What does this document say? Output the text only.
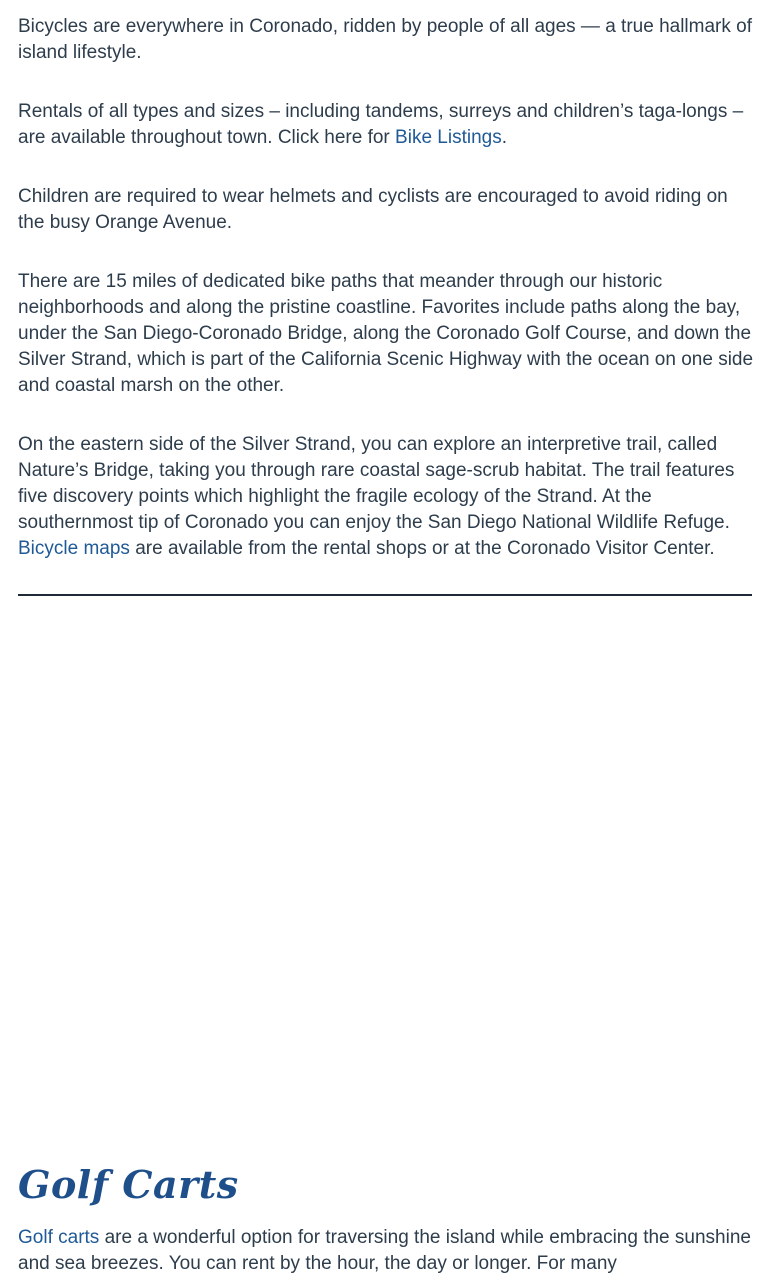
Bicycles are everywhere in Coronado, ridden by people of all ages — a true hallmark of island lifestyle.

Rentals of all types and sizes – including tandems, surreys and children’s taga-longs – are available throughout town. Click here for Bike Listings.

Children are required to wear helmets and cyclists are encouraged to avoid riding on the busy Orange Avenue.

There are 15 miles of dedicated bike paths that meander through our historic neighborhoods and along the pristine coastline. Favorites include paths along the bay, under the San Diego-Coronado Bridge, along the Coronado Golf Course, and down the Silver Strand, which is part of the California Scenic Highway with the ocean on one side and coastal marsh on the other.

On the eastern side of the Silver Strand, you can explore an interpretive trail, called Nature’s Bridge, taking you through rare coastal sage-scrub habitat. The trail features five discovery points which highlight the fragile ecology of the Strand. At the southernmost tip of Coronado you can enjoy the San Diego National Wildlife Refuge. Bicycle maps are available from the rental shops or at the Coronado Visitor Center.

Golf Carts

Golf carts are a wonderful option for traversing the island while embracing the sunshine and sea breezes. You can rent by the hour, the day or longer. For many
